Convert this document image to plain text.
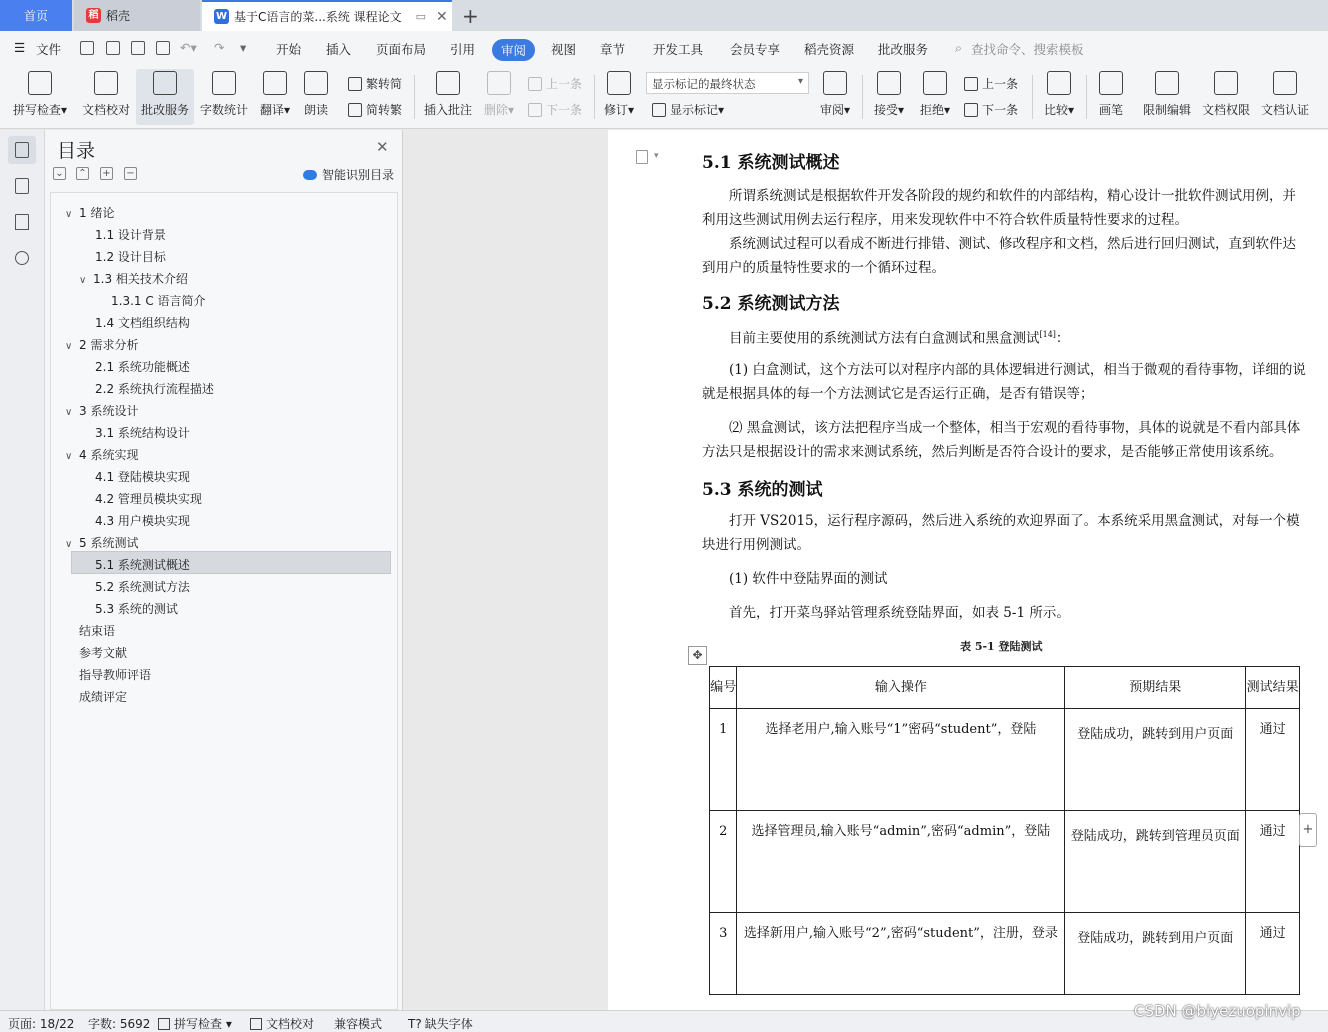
首页	稻 稻壳	W 基于C语言的菜...系统 课程论文 ▭ ✕ +
☰ 文件	↶▾ ↷ ▾ 开始 插入 页面布局 引用	审阅	视图 章节 开发工具 会员专享 稻壳资源 批改服务 ⌕ 查找命令、搜索模板
拼写检查▾	文档校对 批改服务 字数统计 翻译▾	朗读
繁转简
简转繁 插入批注 删除▾
上一条
下一条	修订▾
显示标记的最终状态 ▾
显示标记 ▾	审阅▾	接受▾	拒绝▾
上一条
下一条	比较▾	画笔	限制编辑 文档权限 文档认证
目录	✕
⌄ ⌃ + −	智能识别目录
∨ 1 绪论
1.1 设计背景
1.2 设计目标
∨ 1.3 相关技术介绍
1.3.1 C 语言简介
1.4 文档组织结构
∨ 2 需求分析
2.1 系统功能概述
2.2 系统执行流程描述
∨ 3 系统设计
3.1 系统结构设计
∨ 4 系统实现
4.1 登陆模块实现
4.2 管理员模块实现
4.3 用户模块实现
∨ 5 系统测试
5.1 系统测试概述
5.2 系统测试方法
5.3 系统的测试
结束语
参考文献
指导教师评语
成绩评定
▾	5.1 系统测试概述
所谓系统测试是根据软件开发各阶段的规约和软件的内部结构，精心设计一批软件测试用例，并利用这些测试用例去运行程序，用来发现软件中不符合软件质量特性要求的过程。
系统测试过程可以看成不断进行排错、测试、修改程序和文档，然后进行回归测试，直到软件达到用户的质量特性要求的一个循环过程。
5.2 系统测试方法
目前主要使用的系统测试方法有白盒测试和黑盒测试[14]：
(1) 白盒测试，这个方法可以对程序内部的具体逻辑进行测试，相当于微观的看待事物，详细的说就是根据具体的每一个方法测试它是否运行正确，是否有错误等；
⑵ 黑盒测试，该方法把程序当成一个整体，相当于宏观的看待事物，具体的说就是不看内部具体方法只是根据设计的需求来测试系统，然后判断是否符合设计的要求，是否能够正常使用该系统。
5.3 系统的测试
打开 VS2015，运行程序源码，然后进入系统的欢迎界面了。本系统采用黑盒测试，对每一个模块进行用例测试。
(1) 软件中登陆界面的测试
首先，打开菜鸟驿站管理系统登陆界面，如表 5-1 所示。
表 5-1 登陆测试
✥
编号	输入操作	预期结果	测试结果
1	选择老用户,输入账号“1”密码“student”，登陆	登陆成功，跳转到用户页面	通过
2	选择管理员,输入账号“admin”,密码“admin”，登陆	登陆成功，跳转到管理员页面	通过
3	选择新用户,输入账号“2”,密码“student”，注册，登录	登陆成功，跳转到用户页面	通过
+
页面: 18/22 字数: 5692 拼写检查 ▾	文档校对 兼容模式 T? 缺失字体
CSDN @biyezuopinvip
